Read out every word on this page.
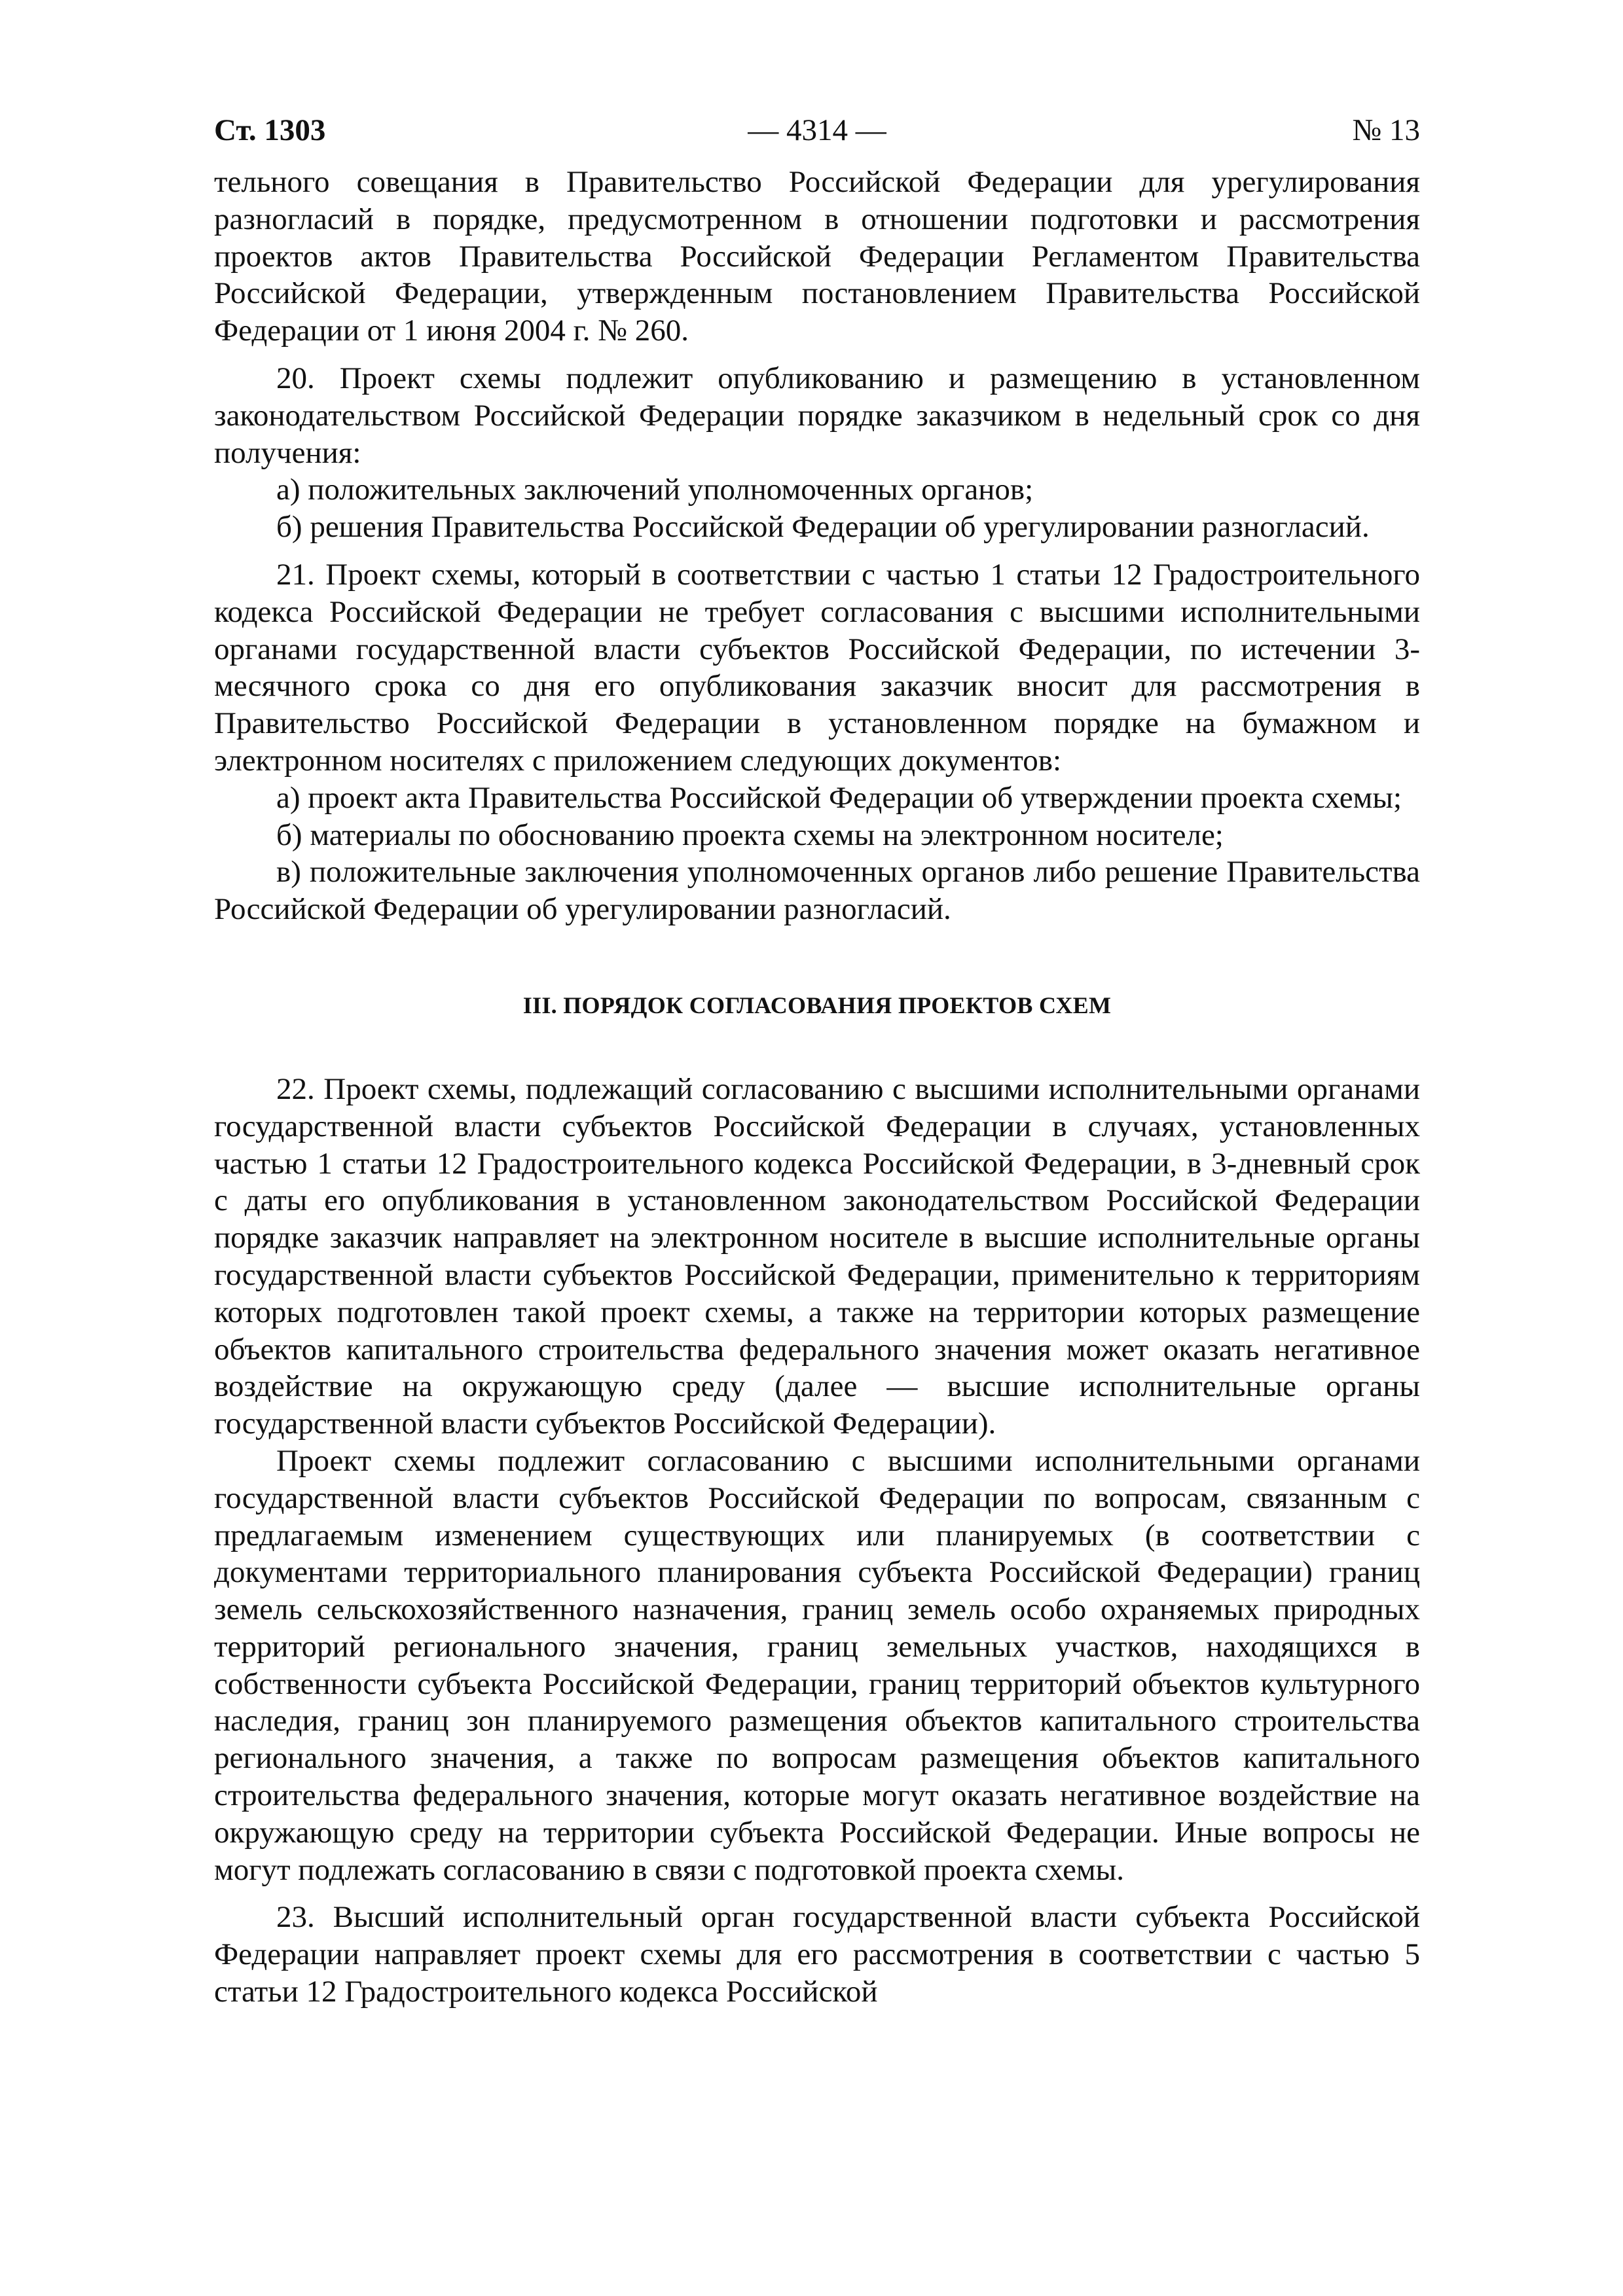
Ст. 1303	— 4314 —	№ 13

тельного совещания в Правительство Российской Федерации для урегулирования разногласий в порядке, предусмотренном в отношении подготовки и рассмотрения проектов актов Правительства Российской Федерации Регламентом Правительства Российской Федерации, утвержденным постановлением Правительства Российской Федерации от 1 июня 2004 г. № 260.

20. Проект схемы подлежит опубликованию и размещению в установленном законодательством Российской Федерации порядке заказчиком в недельный срок со дня получения:

а) положительных заключений уполномоченных органов;

б) решения Правительства Российской Федерации об урегулировании разногласий.

21. Проект схемы, который в соответствии с частью 1 статьи 12 Градостроительного кодекса Российской Федерации не требует согласования с высшими исполнительными органами государственной власти субъектов Российской Федерации, по истечении 3-месячного срока со дня его опубликования заказчик вносит для рассмотрения в Правительство Российской Федерации в установленном порядке на бумажном и электронном носителях с приложением следующих документов:

а) проект акта Правительства Российской Федерации об утверждении проекта схемы;

б) материалы по обоснованию проекта схемы на электронном носителе;

в) положительные заключения уполномоченных органов либо решение Правительства Российской Федерации об урегулировании разногласий.

III. ПОРЯДОК СОГЛАСОВАНИЯ ПРОЕКТОВ СХЕМ

22. Проект схемы, подлежащий согласованию с высшими исполнительными органами государственной власти субъектов Российской Федерации в случаях, установленных частью 1 статьи 12 Градостроительного кодекса Российской Федерации, в 3-дневный срок с даты его опубликования в установленном законодательством Российской Федерации порядке заказчик направляет на электронном носителе в высшие исполнительные органы государственной власти субъектов Российской Федерации, применительно к территориям которых подготовлен такой проект схемы, а также на территории которых размещение объектов капитального строительства федерального значения может оказать негативное воздействие на окружающую среду (далее — высшие исполнительные органы государственной власти субъектов Российской Федерации).

Проект схемы подлежит согласованию с высшими исполнительными органами государственной власти субъектов Российской Федерации по вопросам, связанным с предлагаемым изменением существующих или планируемых (в соответствии с документами территориального планирования субъекта Российской Федерации) границ земель сельскохозяйственного назначения, границ земель особо охраняемых природных территорий регионального значения, границ земельных участков, находящихся в собственности субъекта Российской Федерации, границ территорий объектов культурного наследия, границ зон планируемого размещения объектов капитального строительства регионального значения, а также по вопросам размещения объектов капитального строительства федерального значения, которые могут оказать негативное воздействие на окружающую среду на территории субъекта Российской Федерации. Иные вопросы не могут подлежать согласованию в связи с подготовкой проекта схемы.

23. Высший исполнительный орган государственной власти субъекта Российской Федерации направляет проект схемы для его рассмотрения в соответствии с частью 5 статьи 12 Градостроительного кодекса Российской
